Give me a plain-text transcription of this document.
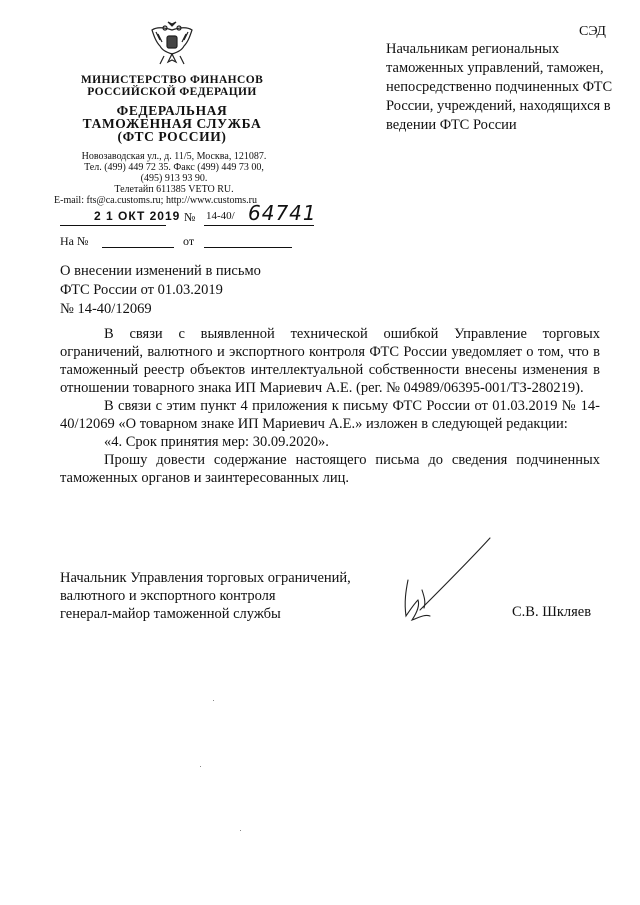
СЭД
МИНИСТЕРСТВО ФИНАНСОВ
РОССИЙСКОЙ ФЕДЕРАЦИИ
ФЕДЕРАЛЬНАЯ
ТАМОЖЕННАЯ СЛУЖБА
(ФТС РОССИИ)
Новозаводская ул., д. 11/5, Москва, 121087.
Тел. (499) 449 72 35. Факс (499) 449 73 00,
(495) 913 93 90.
Телетайп 611385 VETO RU.
E-mail: fts@ca.customs.ru; http://www.customs.ru
2 1 ОКТ 2019 № 14-40/ 64741
На №	от
Начальникам региональных таможенных управлений, таможен, непосредственно подчиненных ФТС России, учреждений, находящихся в ведении ФТС России
О внесении изменений в письмо
ФТС России от 01.03.2019
№ 14-40/12069

В связи с выявленной технической ошибкой Управление торговых ограничений, валютного и экспортного контроля ФТС России уведомляет о том, что в таможенный реестр объектов интеллектуальной собственности внесены изменения в отношении товарного знака ИП Мариевич А.Е. (рег. № 04989/06395-001/ТЗ-280219).

В связи с этим пункт 4 приложения к письму ФТС России от 01.03.2019 № 14-40/12069 «О товарном знаке ИП Мариевич А.Е.» изложен в следующей редакции:

«4. Срок принятия мер: 30.09.2020».

Прошу довести содержание настоящего письма до сведения подчиненных таможенных органов и заинтересованных лиц.

Начальник Управления торговых ограничений,
валютного и экспортного контроля
генерал-майор таможенной службы	С.В. Шкляев
